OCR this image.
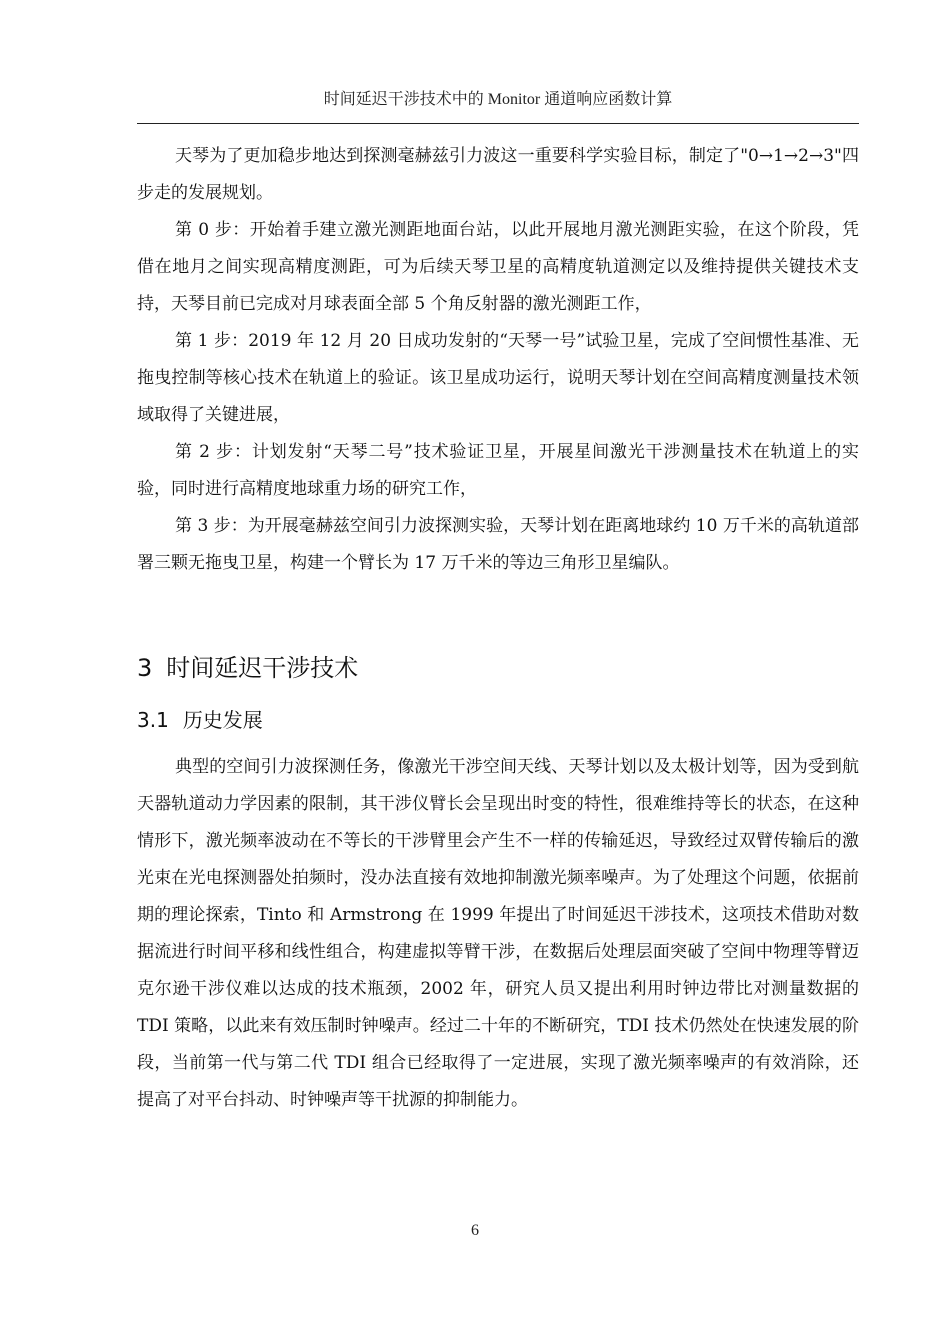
时间延迟干涉技术中的 Monitor 通道响应函数计算

天琴为了更加稳步地达到探测毫赫兹引力波这一重要科学实验目标，制定了"0→1→2→3"四步走的发展规划。

第 0 步：开始着手建立激光测距地面台站，以此开展地月激光测距实验，在这个阶段，凭借在地月之间实现高精度测距，可为后续天琴卫星的高精度轨道测定以及维持提供关键技术支持，天琴目前已完成对月球表面全部 5 个角反射器的激光测距工作，

第 1 步：2019 年 12 月 20 日成功发射的“天琴一号”试验卫星，完成了空间惯性基准、无拖曳控制等核心技术在轨道上的验证。该卫星成功运行，说明天琴计划在空间高精度测量技术领域取得了关键进展，

第 2 步：计划发射“天琴二号”技术验证卫星，开展星间激光干涉测量技术在轨道上的实验，同时进行高精度地球重力场的研究工作，

第 3 步：为开展毫赫兹空间引力波探测实验，天琴计划在距离地球约 10 万千米的高轨道部署三颗无拖曳卫星，构建一个臂长为 17 万千米的等边三角形卫星编队。

3 时间延迟干涉技术
3.1 历史发展

典型的空间引力波探测任务，像激光干涉空间天线、天琴计划以及太极计划等，因为受到航天器轨道动力学因素的限制，其干涉仪臂长会呈现出时变的特性，很难维持等长的状态，在这种情形下，激光频率波动在不等长的干涉臂里会产生不一样的传输延迟，导致经过双臂传输后的激光束在光电探测器处拍频时，没办法直接有效地抑制激光频率噪声。为了处理这个问题，依据前期的理论探索，Tinto 和 Armstrong 在 1999 年提出了时间延迟干涉技术，这项技术借助对数据流进行时间平移和线性组合，构建虚拟等臂干涉，在数据后处理层面突破了空间中物理等臂迈克尔逊干涉仪难以达成的技术瓶颈，2002 年，研究人员又提出利用时钟边带比对测量数据的 TDI 策略，以此来有效压制时钟噪声。经过二十年的不断研究，TDI 技术仍然处在快速发展的阶段，当前第一代与第二代 TDI 组合已经取得了一定进展，实现了激光频率噪声的有效消除，还提高了对平台抖动、时钟噪声等干扰源的抑制能力。

6
